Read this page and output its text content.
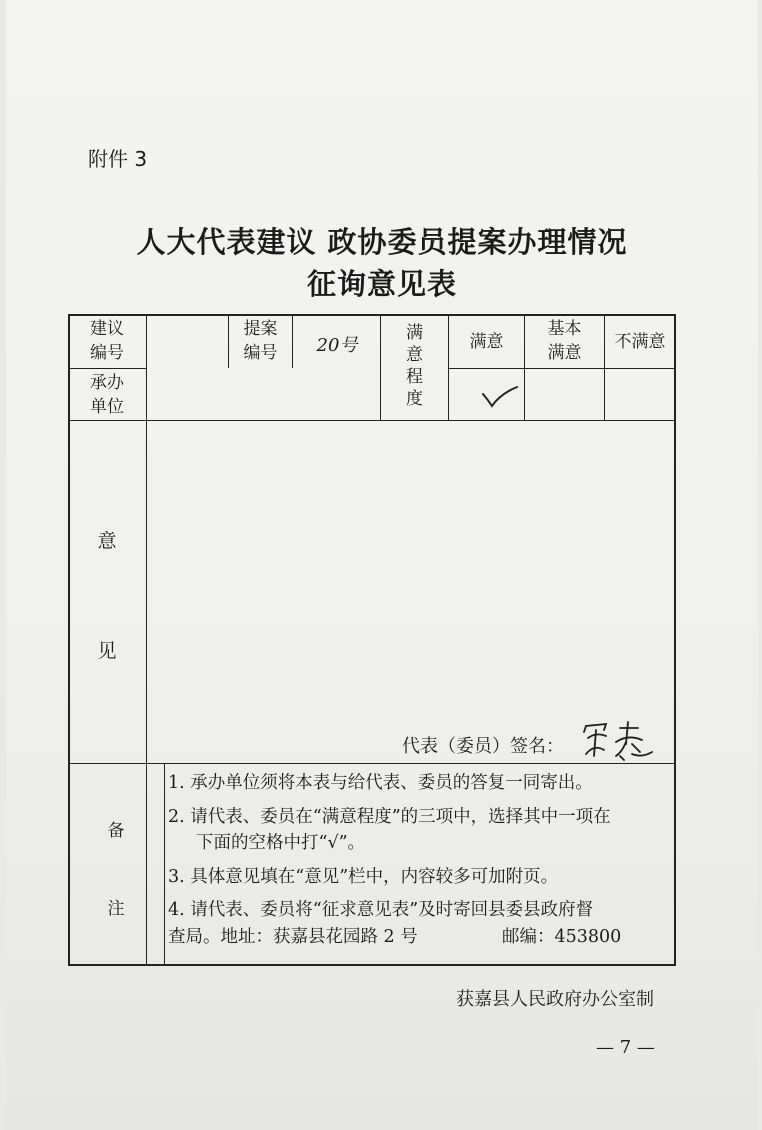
附件 3
人大代表建议 政协委员提案办理情况
征询意见表
建议
编号
提案
编号	20号
满
意
程
度
满意
基本
满意
不满意
承办
单位
意
见
代表（委员）签名：
备
注
1. 承办单位须将本表与给代表、委员的答复一同寄出。
2. 请代表、委员在“满意程度”的三项中，选择其中一项在
下面的空格中打“√”。
3. 具体意见填在“意见”栏中，内容较多可加附页。
4. 请代表、委员将“征求意见表”及时寄回县委县政府督
查局。地址：获嘉县花园路 2 号	邮编：453800
获嘉县人民政府办公室制
— 7 —
